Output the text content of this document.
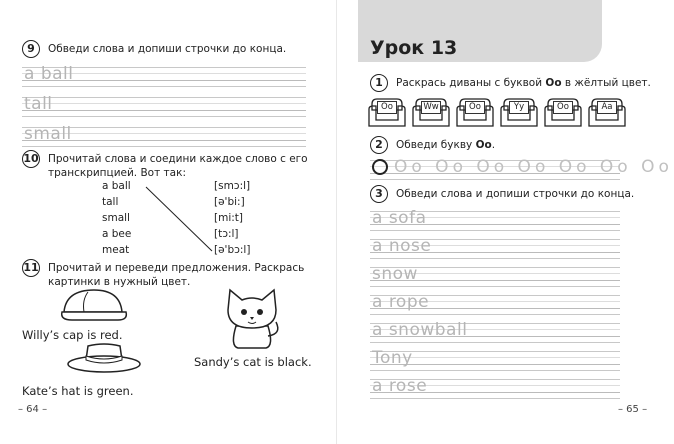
9	Обведи слова и допиши строчки до конца.
a ball
tall
small
10 Прочитай слова и соедини каждое слово с его
транскрипцией. Вот так:
a ball	[smɔ:l]
tall	[ə'bi:]
small	[mi:t]
a bee	[tɔ:l]
meat	[ə'bɔ:l]
11 Прочитай и переведи предложения. Раскрась
картинки в нужный цвет.
Willy’s cap is red.
Sandy’s cat is black.
Kate’s hat is green.
– 64 –
Урок 13
1	Раскрась диваны с буквой Oo в жёлтый цвет.
Oo	Ww	Oo	Yy	Oo	Aa
2	Обведи букву Oo.
Oo Oo Oo Oo Oo Oo Oo
3	Обведи слова и допиши строчки до конца.
a sofa
a nose
snow
a rope
a snowball
Tony
a rose
– 65 –
